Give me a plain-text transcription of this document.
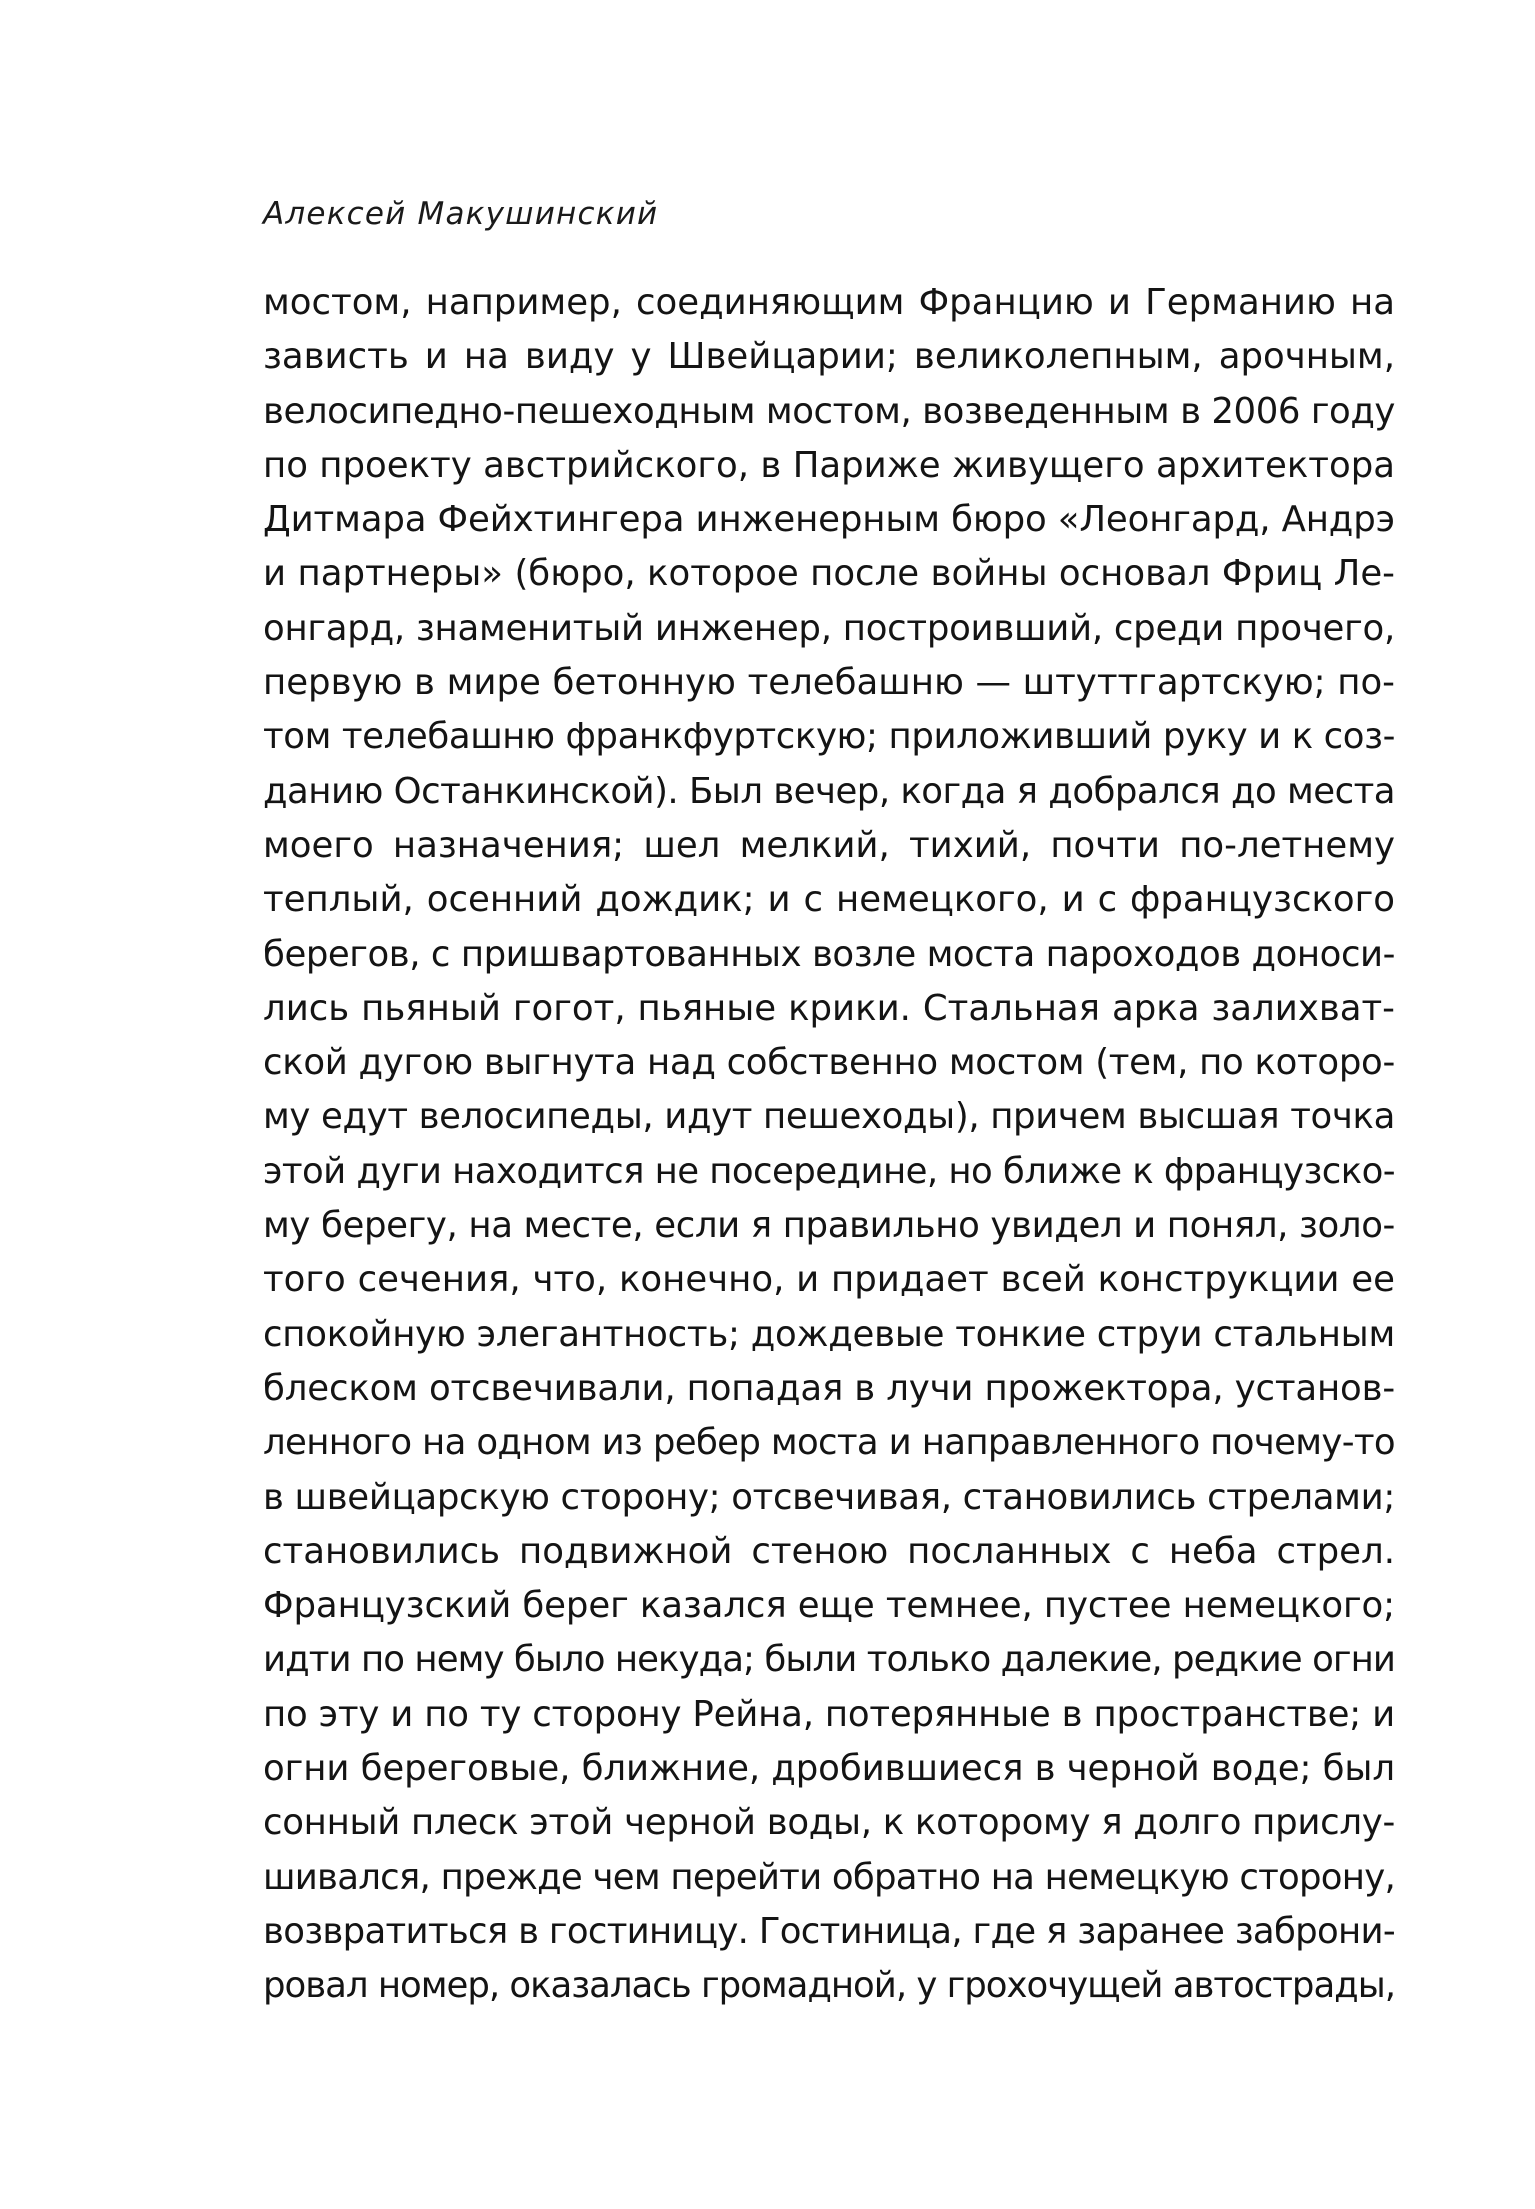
Алексей Макушинский
мостом, например, соединяющим Францию и Германию на
зависть и на виду у Швейцарии; великолепным, арочным,
велосипедно-пешеходным мостом, возведенным в 2006 году
по проекту австрийского, в Париже живущего архитектора
Дитмара Фейхтингера инженерным бюро «Леонгард, Андрэ
и партнеры» (бюро, которое после войны основал Фриц Ле-
онгард, знаменитый инженер, построивший, среди прочего,
первую в мире бетонную телебашню — штуттгартскую; по-
том телебашню франкфуртскую; приложивший руку и к соз-
данию Останкинской). Был вечер, когда я добрался до места
моего назначения; шел мелкий, тихий, почти по-летнему
теплый, осенний дождик; и с немецкого, и с французского
берегов, с пришвартованных возле моста пароходов доноси-
лись пьяный гогот, пьяные крики. Стальная арка залихват-
ской дугою выгнута над собственно мостом (тем, по которо-
му едут велосипеды, идут пешеходы), причем высшая точка
этой дуги находится не посередине, но ближе к французско-
му берегу, на месте, если я правильно увидел и понял, золо-
того сечения, что, конечно, и придает всей конструкции ее
спокойную элегантность; дождевые тонкие струи стальным
блеском отсвечивали, попадая в лучи прожектора, установ-
ленного на одном из ребер моста и направленного почему-то
в швейцарскую сторону; отсвечивая, становились стрелами;
становились подвижной стеною посланных с неба стрел.
Французский берег казался еще темнее, пустее немецкого;
идти по нему было некуда; были только далекие, редкие огни
по эту и по ту сторону Рейна, потерянные в пространстве; и
огни береговые, ближние, дробившиеся в черной воде; был
сонный плеск этой черной воды, к которому я долго прислу-
шивался, прежде чем перейти обратно на немецкую сторону,
возвратиться в гостиницу. Гостиница, где я заранее заброни-
ровал номер, оказалась громадной, у грохочущей автострады,
